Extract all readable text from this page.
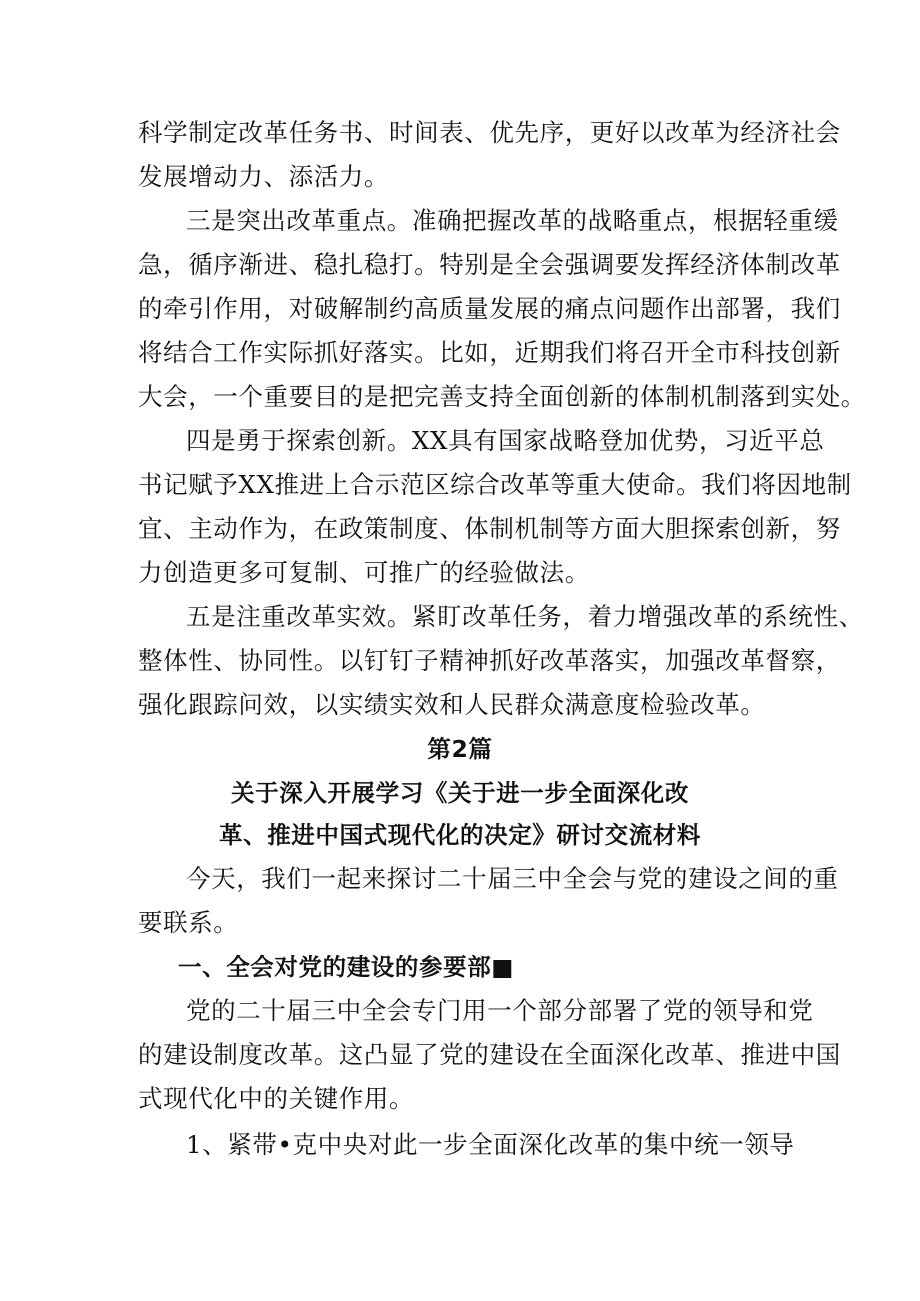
科学制定改革任务书、时间表、优先序，更好以改革为经济社会
发展增动力、添活力。
三是突出改革重点。准确把握改革的战略重点，根据轻重缓
急，循序渐进、稳扎稳打。特别是全会强调要发挥经济体制改革
的牵引作用，对破解制约高质量发展的痛点问题作出部署，我们
将结合工作实际抓好落实。比如，近期我们将召开全市科技创新
大会，一个重要目的是把完善支持全面创新的体制机制落到实处。
四是勇于探索创新。XX具有国家战略登加优势，习近平总
书记赋予XX推进上合示范区综合改革等重大使命。我们将因地制
宜、主动作为，在政策制度、体制机制等方面大胆探索创新，努
力创造更多可复制、可推广的经验做法。
五是注重改革实效。紧盯改革任务，着力增强改革的系统性、
整体性、协同性。以钉钉子精神抓好改革落实，加强改革督察，
强化跟踪问效，以实绩实效和人民群众满意度检验改革。
第2篇
关于深入开展学习《关于进一步全面深化改
革、推进中国式现代化的决定》研讨交流材料
今天，我们一起来探讨二十届三中全会与党的建设之间的重
要联系。
一、全会对党的建设的参要部■
党的二十届三中全会专门用一个部分部署了党的领导和党
的建设制度改革。这凸显了党的建设在全面深化改革、推进中国
式现代化中的关键作用。
1、紧带•克中央对此一步全面深化改革的集中统一领导
